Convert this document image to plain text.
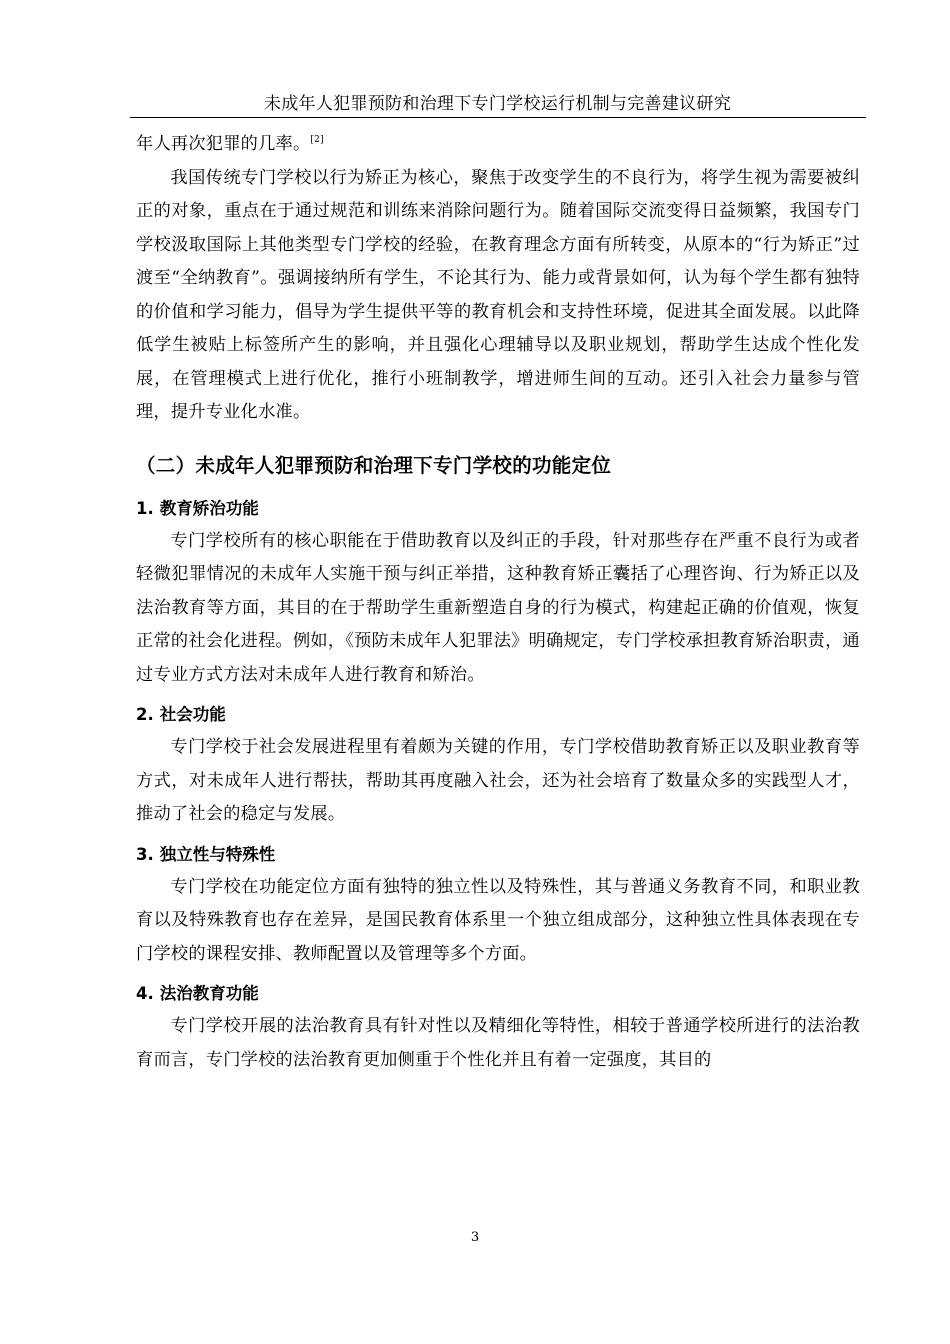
未成年人犯罪预防和治理下专门学校运行机制与完善建议研究

年人再次犯罪的几率。[2]

我国传统专门学校以行为矫正为核心，聚焦于改变学生的不良行为，将学生视为需要被纠正的对象，重点在于通过规范和训练来消除问题行为。随着国际交流变得日益频繁，我国专门学校汲取国际上其他类型专门学校的经验，在教育理念方面有所转变，从原本的“行为矫正”过渡至“全纳教育”。强调接纳所有学生，不论其行为、能力或背景如何，认为每个学生都有独特的价值和学习能力，倡导为学生提供平等的教育机会和支持性环境，促进其全面发展。以此降低学生被贴上标签所产生的影响，并且强化心理辅导以及职业规划，帮助学生达成个性化发展，在管理模式上进行优化，推行小班制教学，增进师生间的互动。还引入社会力量参与管理，提升专业化水准。

（二）未成年人犯罪预防和治理下专门学校的功能定位
1. 教育矫治功能

专门学校所有的核心职能在于借助教育以及纠正的手段，针对那些存在严重不良行为或者轻微犯罪情况的未成年人实施干预与纠正举措，这种教育矫正囊括了心理咨询、行为矫正以及法治教育等方面，其目的在于帮助学生重新塑造自身的行为模式，构建起正确的价值观，恢复正常的社会化进程。例如，《预防未成年人犯罪法》明确规定，专门学校承担教育矫治职责，通过专业方式方法对未成年人进行教育和矫治。

2. 社会功能

专门学校于社会发展进程里有着颇为关键的作用，专门学校借助教育矫正以及职业教育等方式，对未成年人进行帮扶，帮助其再度融入社会，还为社会培育了数量众多的实践型人才，推动了社会的稳定与发展。

3. 独立性与特殊性

专门学校在功能定位方面有独特的独立性以及特殊性，其与普通义务教育不同，和职业教育以及特殊教育也存在差异，是国民教育体系里一个独立组成部分，这种独立性具体表现在专门学校的课程安排、教师配置以及管理等多个方面。

4. 法治教育功能

专门学校开展的法治教育具有针对性以及精细化等特性，相较于普通学校所进行的法治教育而言，专门学校的法治教育更加侧重于个性化并且有着一定强度，其目的

3
